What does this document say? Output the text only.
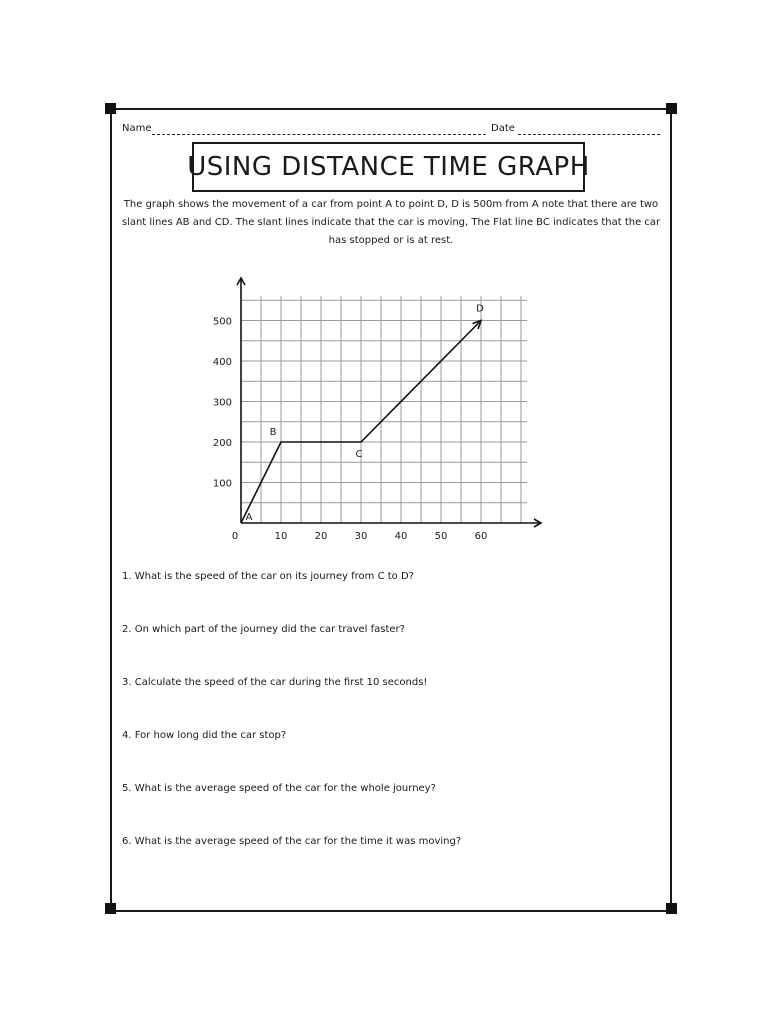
Name	Date
USING DISTANCE TIME GRAPH
The graph shows the movement of a car from point A to point D, D is 500m from A note that there are two slant lines AB and CD. The slant lines indicate that the car is moving, The Flat line BC indicates that the car has stopped or is at rest.
0	10	20	30	40	50	60
100
200
300
400
500
A
B
C
D
1. What is the speed of the car on its journey from C to D?
2. On which part of the journey did the car travel faster?
3. Calculate the speed of the car during the first 10 seconds!
4. For how long did the car stop?
5. What is the average speed of the car for the whole journey?
6. What is the average speed of the car for the time it was moving?
